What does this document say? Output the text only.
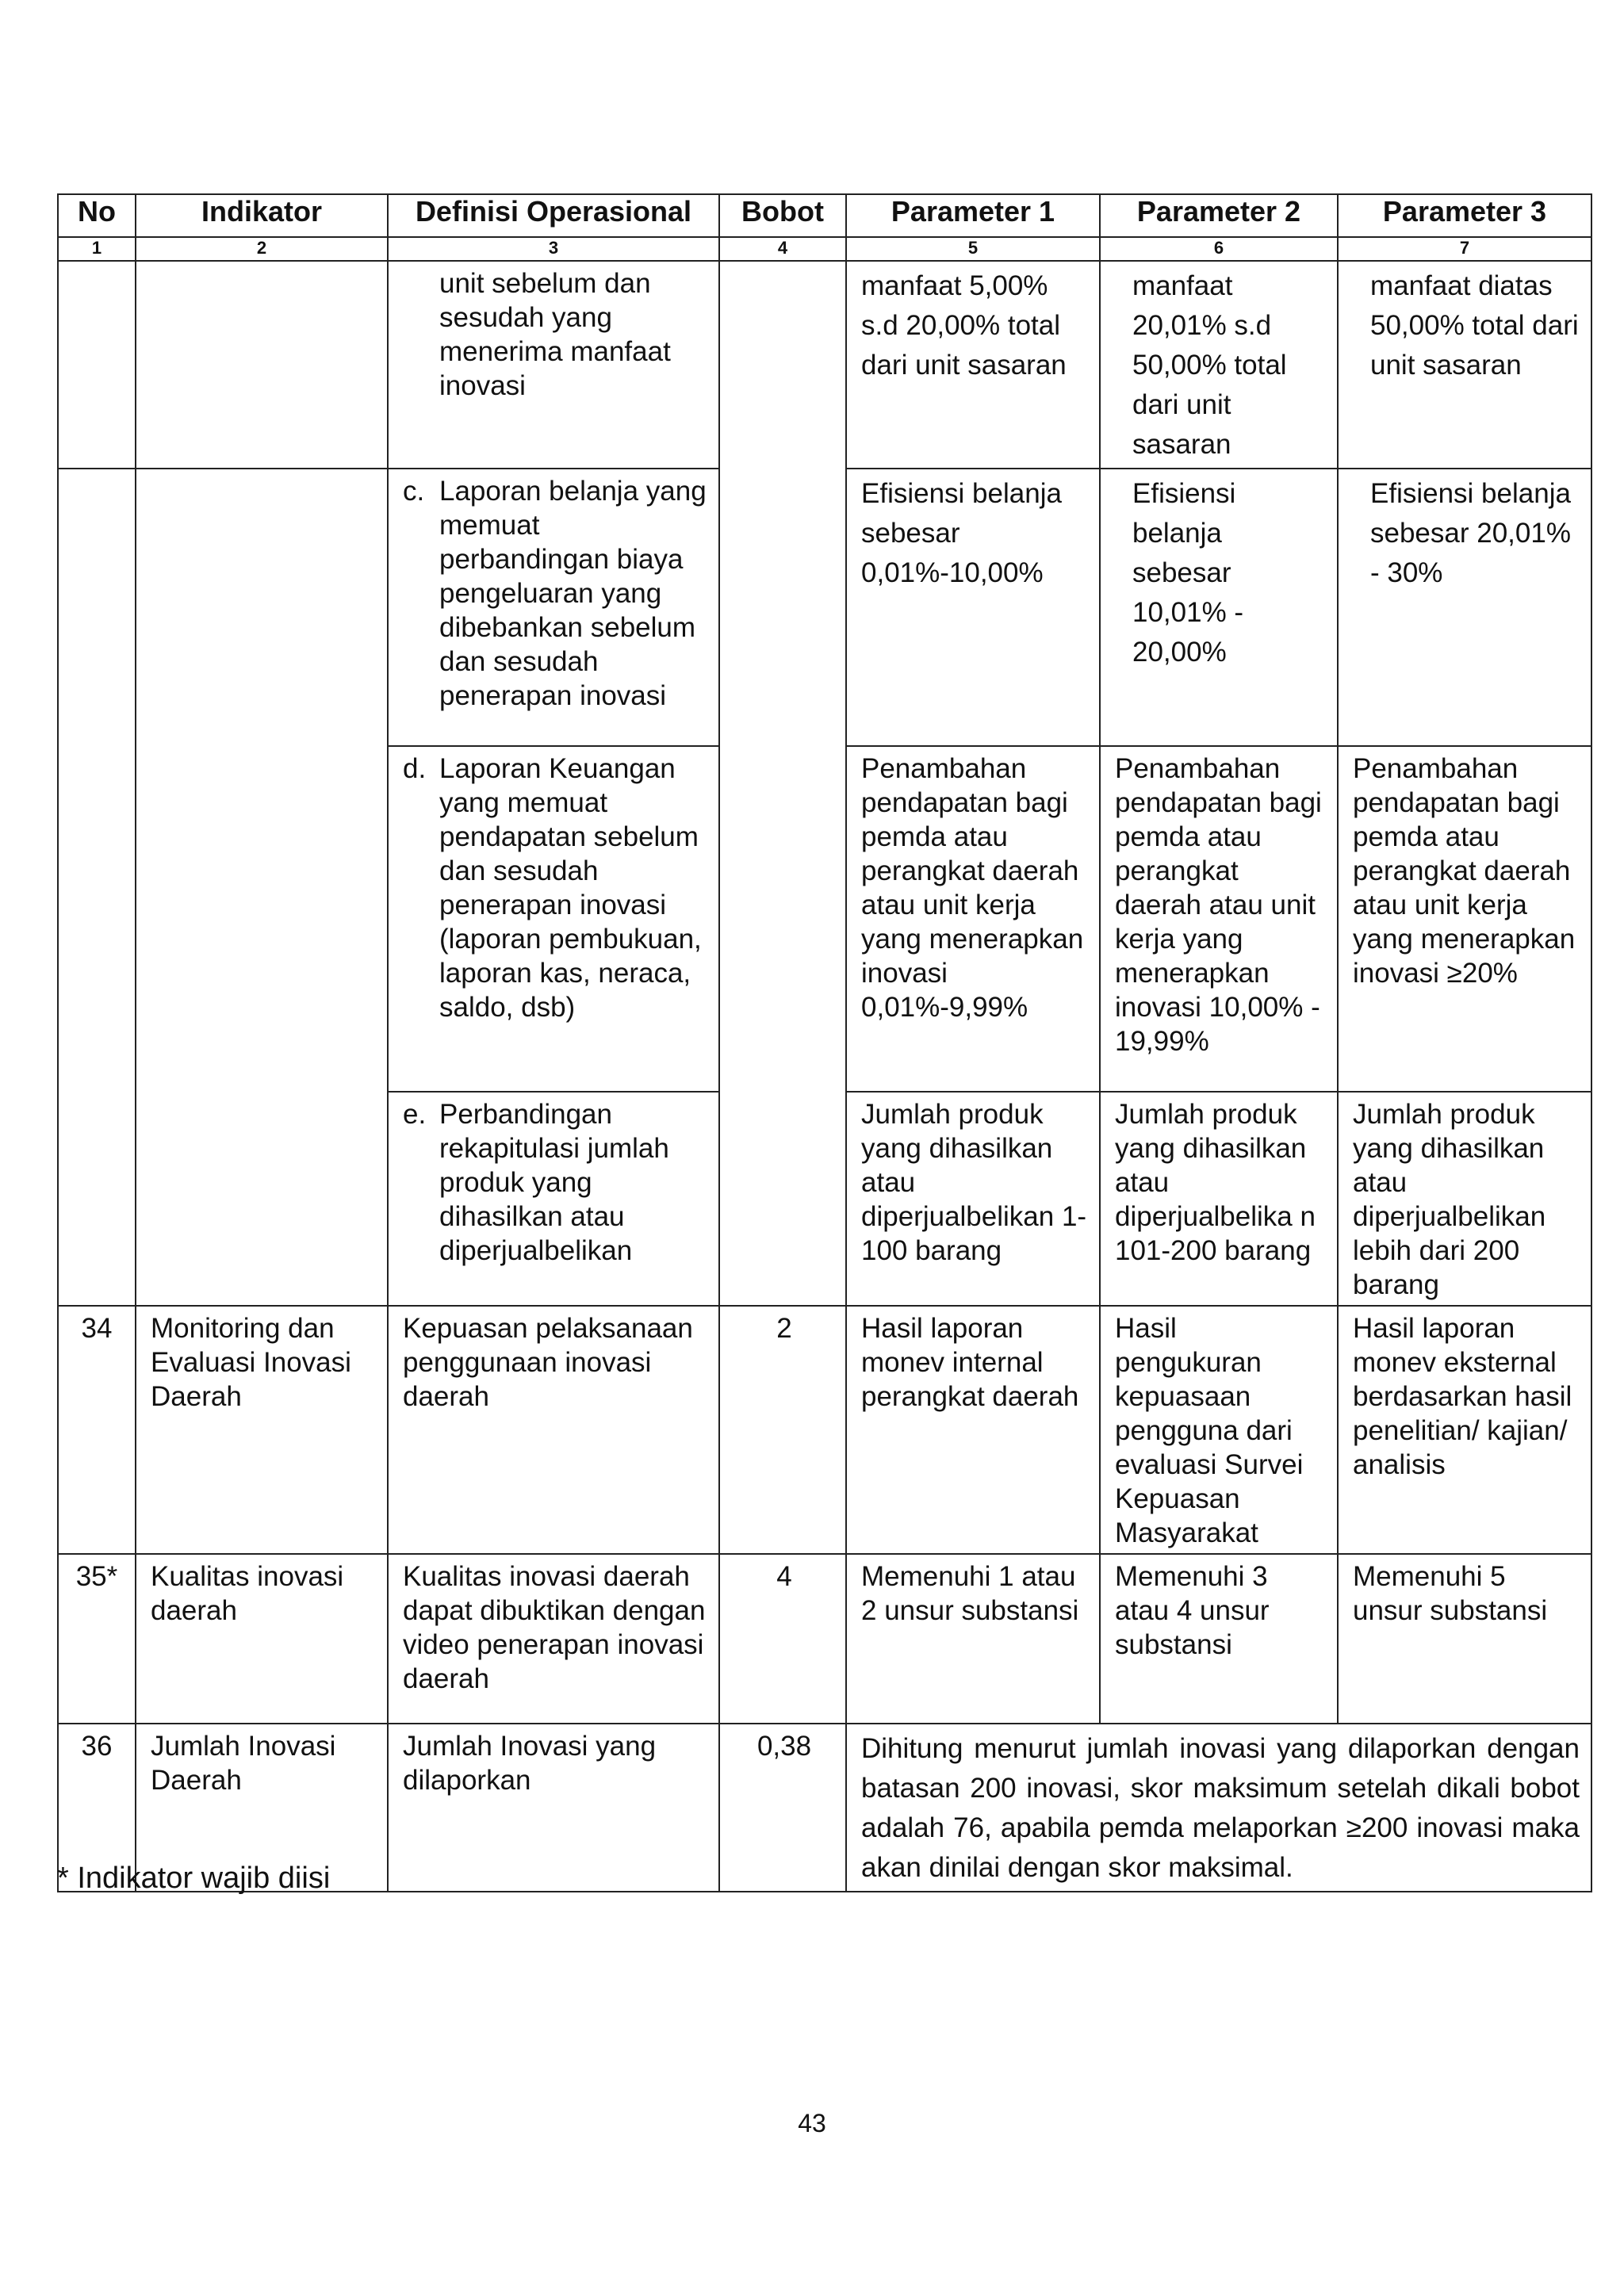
No	Indikator	Definisi Operasional	Bobot	Parameter 1	Parameter 2	Parameter 3
1	2	3	4	5	6	7

		unit sebelum dan sesudah yang menerima manfaat inovasi		manfaat 5,00% s.d 20,00% total dari unit sasaran	manfaat 20,01% s.d 50,00% total dari unit sasaran	manfaat diatas 50,00% total dari unit sasaran

		c. Laporan belanja yang memuat perbandingan biaya pengeluaran yang dibebankan sebelum dan sesudah penerapan inovasi		Efisiensi belanja sebesar 0,01%-10,00%	Efisiensi belanja sebesar 10,01% - 20,00%	Efisiensi belanja sebesar 20,01% - 30%

		d. Laporan Keuangan yang memuat pendapatan sebelum dan sesudah penerapan inovasi (laporan pembukuan, laporan kas, neraca, saldo, dsb)		Penambahan pendapatan bagi pemda atau perangkat daerah atau unit kerja yang menerapkan inovasi 0,01%-9,99%	Penambahan pendapatan bagi pemda atau perangkat daerah atau unit kerja yang menerapkan inovasi 10,00% - 19,99%	Penambahan pendapatan bagi pemda atau perangkat daerah atau unit kerja yang menerapkan inovasi ≥20%

		e. Perbandingan rekapitulasi jumlah produk yang dihasilkan atau diperjualbelikan		Jumlah produk yang dihasilkan atau diperjualbelikan 1-100 barang	Jumlah produk yang dihasilkan atau diperjualbelika n 101-200 barang	Jumlah produk yang dihasilkan atau diperjualbelikan lebih dari 200 barang

34	Monitoring dan Evaluasi Inovasi Daerah	Kepuasan pelaksanaan penggunaan inovasi daerah	2	Hasil laporan monev internal perangkat daerah	Hasil pengukuran kepuasaan pengguna dari evaluasi Survei Kepuasan Masyarakat	Hasil laporan monev eksternal berdasarkan hasil penelitian/ kajian/ analisis

35*	Kualitas inovasi daerah	Kualitas inovasi daerah dapat dibuktikan dengan video penerapan inovasi daerah	4	Memenuhi 1 atau 2 unsur substansi	Memenuhi 3 atau 4 unsur substansi	Memenuhi 5 unsur substansi

36	Jumlah Inovasi Daerah	Jumlah Inovasi yang dilaporkan	0,38	Dihitung menurut jumlah inovasi yang dilaporkan dengan batasan 200 inovasi, skor maksimum setelah dikali bobot adalah 76, apabila pemda melaporkan ≥200 inovasi maka akan dinilai dengan skor maksimal.		
* Indikator wajib diisi
43
